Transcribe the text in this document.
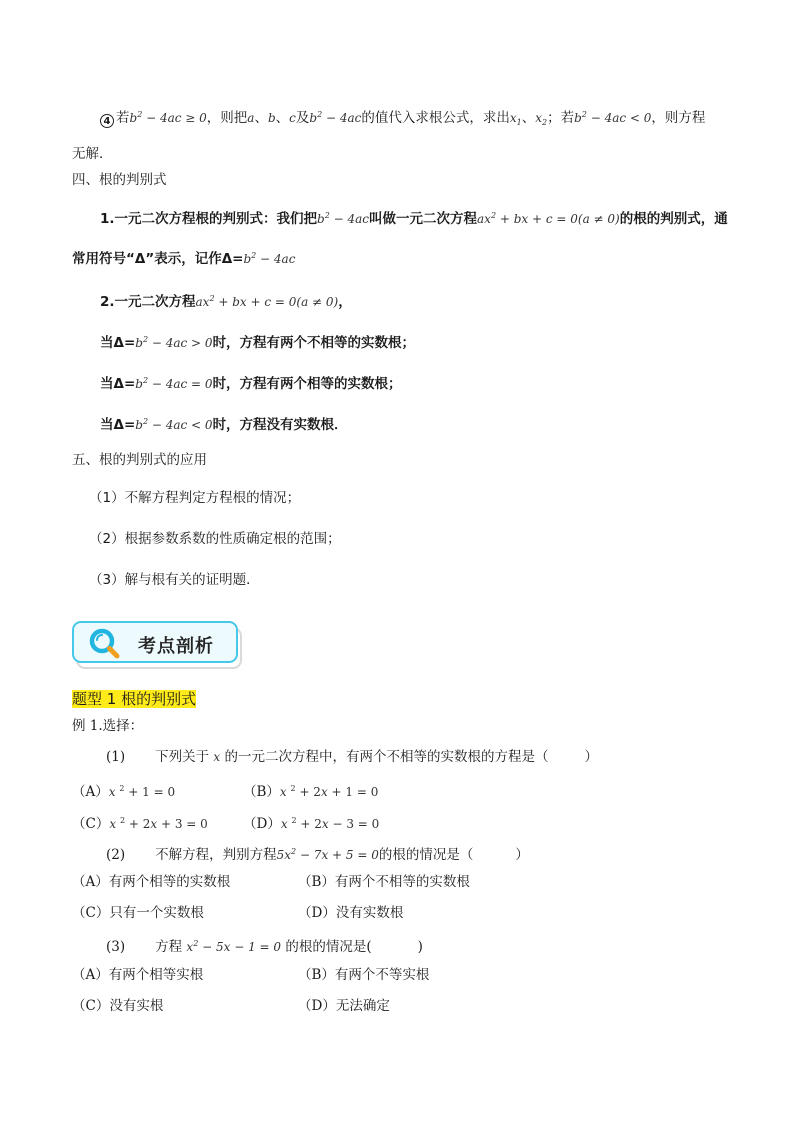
4 若$b^2 - 4ac \ge 0$，则把a、b、c及$b^2 - 4ac$的值代入求根公式，求出$x_1$、$x_2$；若$b^2 - 4ac < 0$，则方程
无解．
四、根的判别式
1.一元二次方程根的判别式：我们把$b^2 - 4ac$叫做一元二次方程$ax^2$ + bx + c = 0(a ≠ 0)的根的判别式，通
常用符号“Δ”表示，记作$\Delta=b^2 - 4ac$
2.一元二次方程$ax^2$ + bx + c = 0(a ≠ 0)，
当$\Delta=b^2 - 4ac > 0$时，方程有两个不相等的实数根；
当$\Delta=b^2 - 4ac = 0$时，方程有两个相等的实数根；
当$\Delta=b^2 - 4ac < 0$时，方程没有实数根．
五、根的判别式的应用
（1）不解方程判定方程根的情况；
（2）根据参数系数的性质确定根的范围；
（3）解与根有关的证明题．
考点剖析
题型 1 根的判别式
例 1.选择：
(1) 下列关于 x 的一元二次方程中，有两个不相等的实数根的方程是（	）
（A）x $^2$ + 1 = 0	（B）x $^2$ + 2x + 1 = 0
（C）x $^2$ + 2x + 3 = 0	（D）x $^2$ + 2x − 3 = 0
(2) 不解方程，判别方程$5x^2 - 7x + 5 = 0$的根的情况是（	）
（A）有两个相等的实数根	（B）有两个不相等的实数根
（C）只有一个实数根	（D）没有实数根
(3) 方程 $x^2 - 5x - 1 = 0$ 的根的情况是(	)
（A）有两个相等实根	（B）有两个不等实根
（C）没有实根	（D）无法确定
